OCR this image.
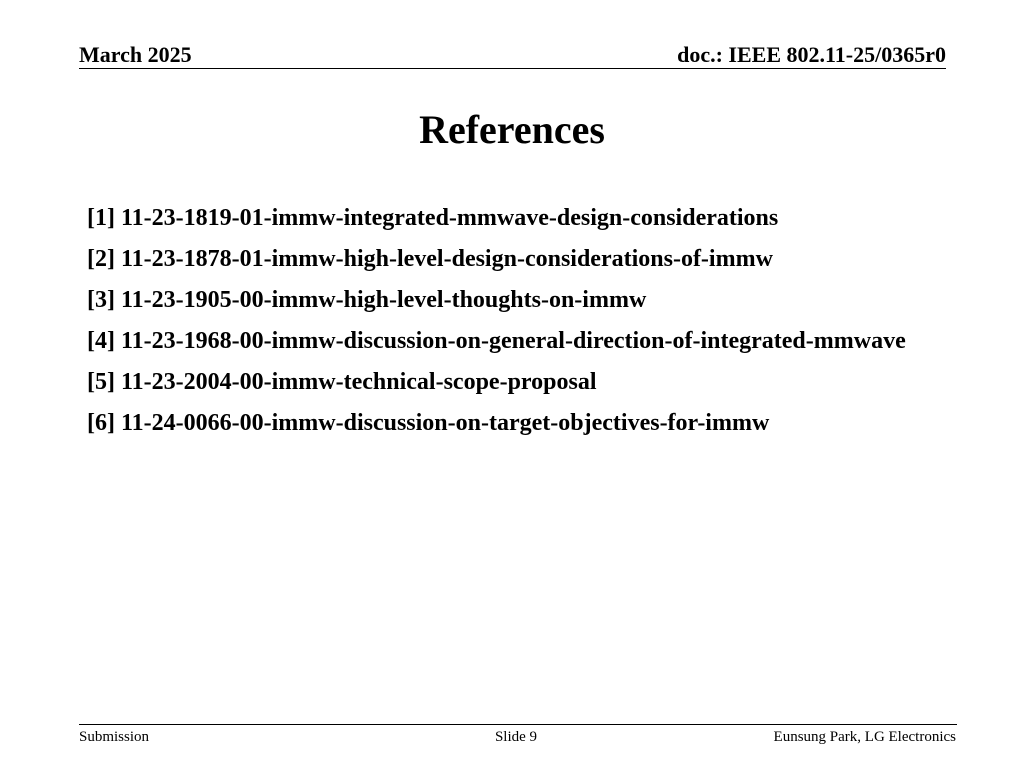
March 2025	doc.: IEEE 802.11-25/0365r0
References
[1] 11-23-1819-01-immw-integrated-mmwave-design-considerations
[2] 11-23-1878-01-immw-high-level-design-considerations-of-immw
[3] 11-23-1905-00-immw-high-level-thoughts-on-immw
[4] 11-23-1968-00-immw-discussion-on-general-direction-of-integrated-mmwave
[5] 11-23-2004-00-immw-technical-scope-proposal
[6] 11-24-0066-00-immw-discussion-on-target-objectives-for-immw
Submission	Slide 9	Eunsung Park, LG Electronics
